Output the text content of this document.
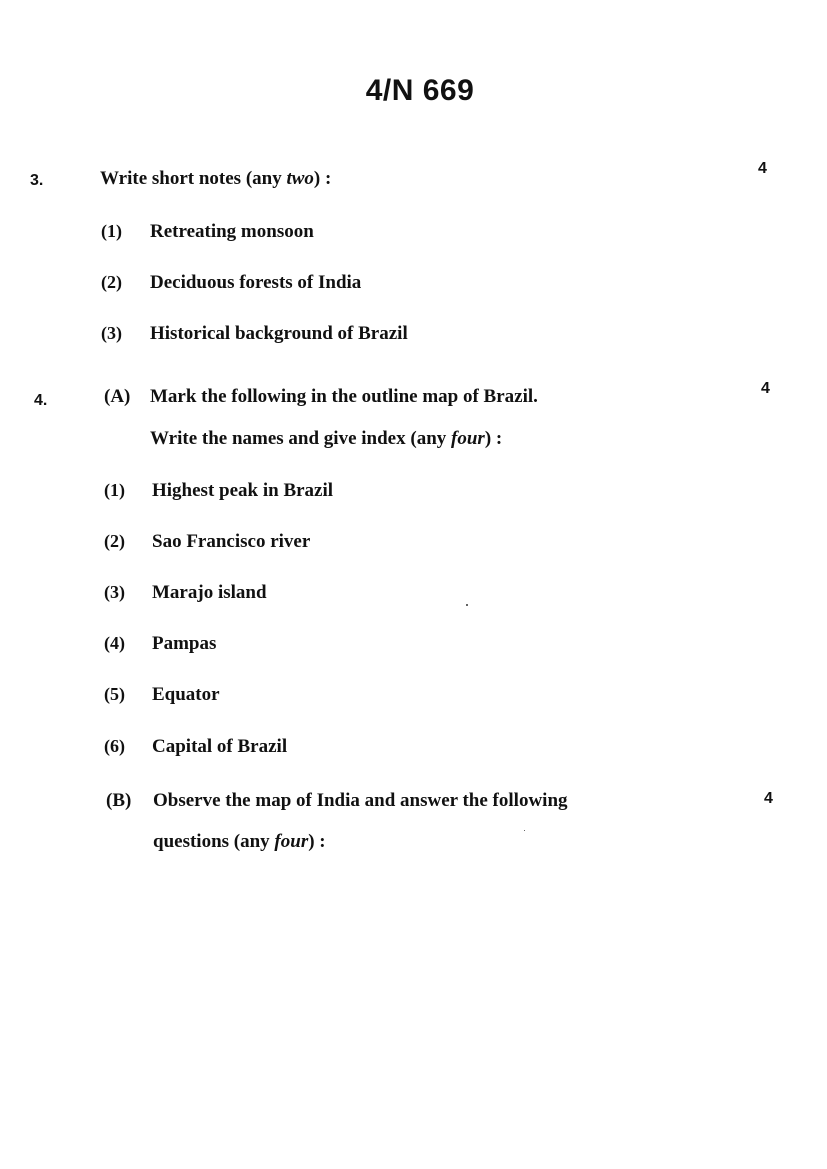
4/N 669
3.	Write short notes (any two) :	4
(1) Retreating monsoon
(2) Deciduous forests of India
(3) Historical background of Brazil
4.	(A) Mark the following in the outline map of Brazil.	4
Write the names and give index (any four) :
(1) Highest peak in Brazil
(2) Sao Francisco river
(3) Marajo island
(4) Pampas
(5) Equator
(6) Capital of Brazil
(B) Observe the map of India and answer the following	4
questions (any four) :
